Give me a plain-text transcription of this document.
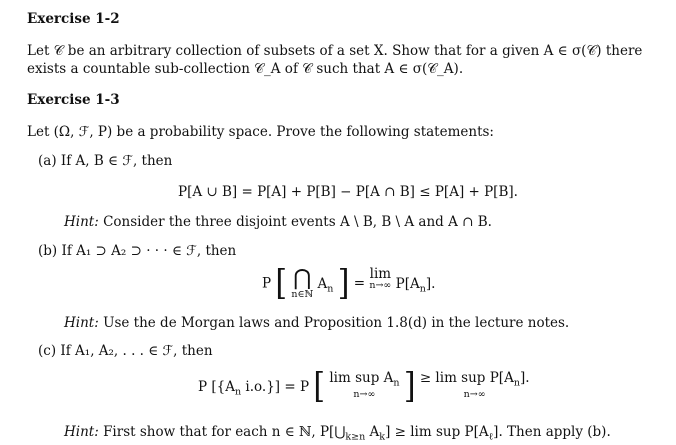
Exercise 1-2
Let 𝒞 be an arbitrary collection of subsets of a set X. Show that for a given A ∈ σ(𝒞) there
exists a countable sub-collection 𝒞_A of 𝒞 such that A ∈ σ(𝒞_A).
Exercise 1-3
Let (Ω, ℱ, P) be a probability space. Prove the following statements:
(a) If A, B ∈ ℱ, then
P[A ∪ B] = P[A] + P[B] − P[A ∩ B] ≤ P[A] + P[B].
Hint: Consider the three disjoint events A \ B, B \ A and A ∩ B.
(b) If A₁ ⊃ A₂ ⊃ · · · ∈ ℱ, then
P [ ⋂
n∈ℕ
$A_n$ ] = lim
n→∞ $P[A_n]$.
Hint: Use the de Morgan laws and Proposition 1.8(d) in the lecture notes.
(c) If A₁, A₂, . . . ∈ ℱ, then
P [{$A_n$ i.o.}] = P [ lim sup $A_n$
n→∞ ] ≥ lim sup $P[A_n]$.
n→∞
Hint: First show that for each n ∈ ℕ, $P[⋃_{k\ge n}$ $A_k] \ge \lim$ sup $P[A_\ell]$. Then apply (b).
